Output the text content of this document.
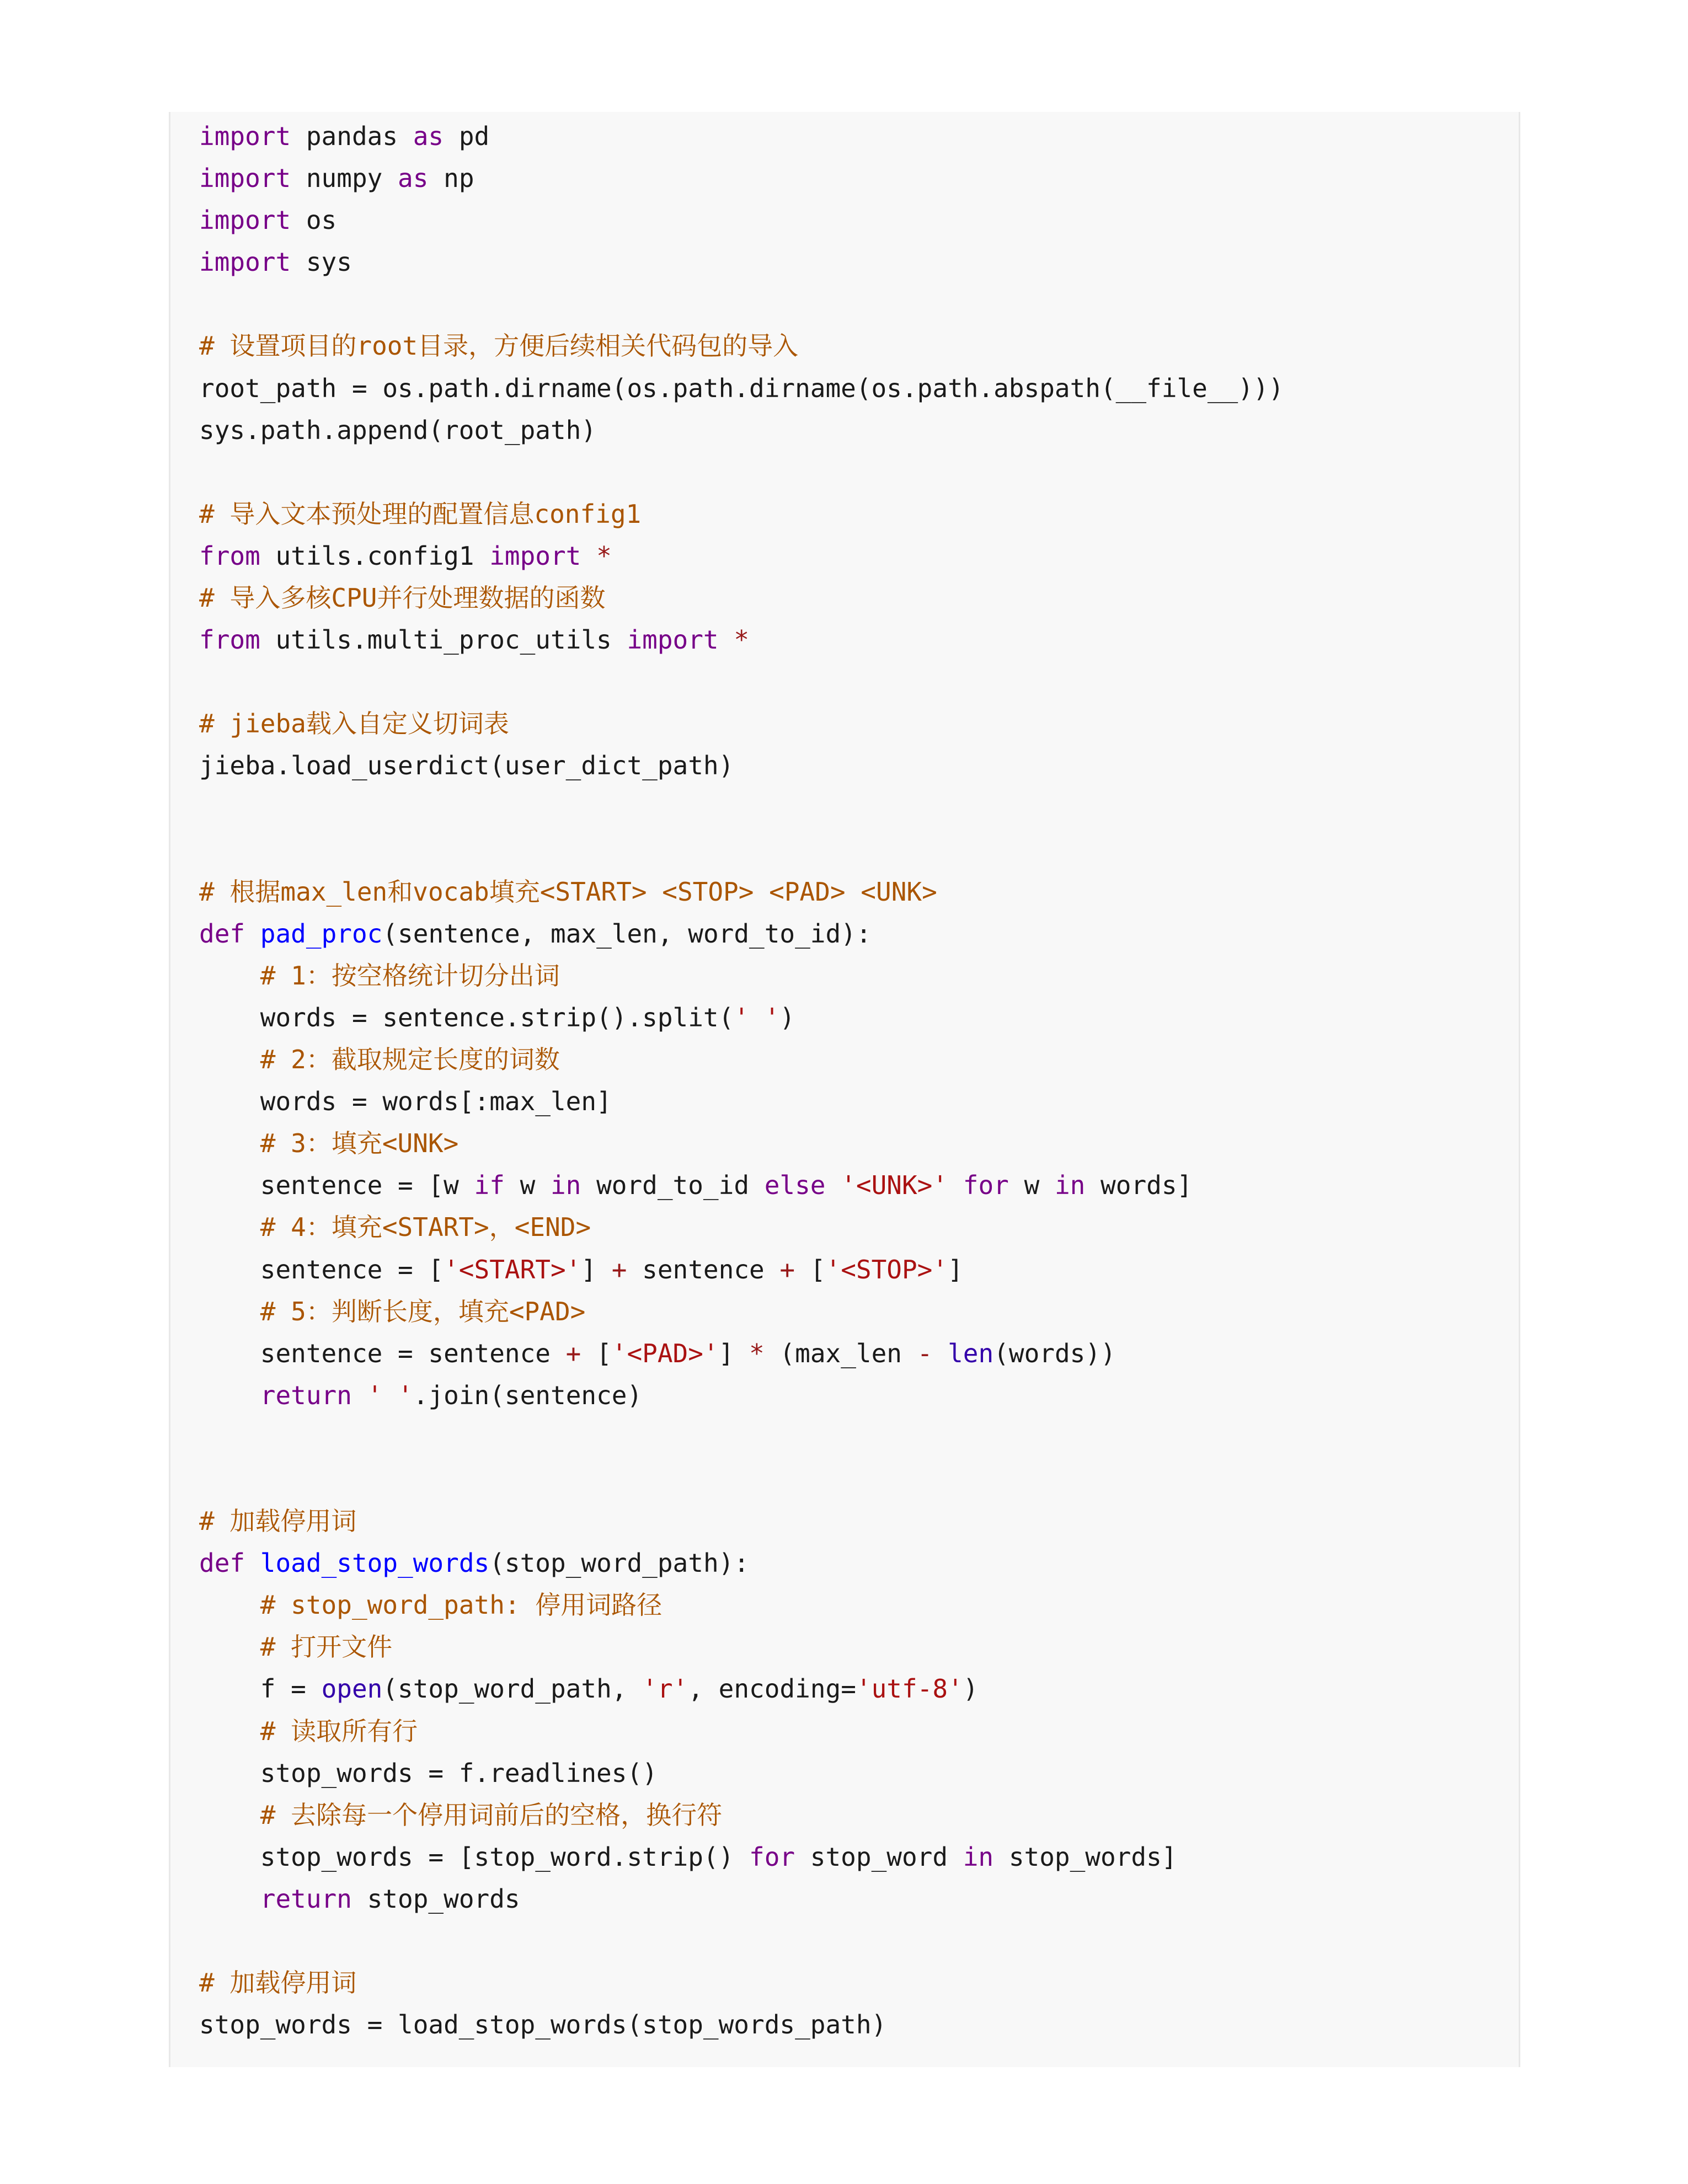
import pandas as pd
import numpy as np
import os
import sys
# 设置项目的root目录，方便后续相关代码包的导入
root_path = os.path.dirname(os.path.dirname(os.path.abspath(__file__)))
sys.path.append(root_path)
# 导入文本预处理的配置信息config1
from utils.config1 import *
# 导入多核CPU并行处理数据的函数
from utils.multi_proc_utils import *
# jieba载入自定义切词表
jieba.load_userdict(user_dict_path)
# 根据max_len和vocab填充<START> <STOP> <PAD> <UNK>
def pad_proc(sentence, max_len, word_to_id):
# 1：按空格统计切分出词
words = sentence.strip().split(' ')
# 2：截取规定长度的词数
words = words[:max_len]
# 3：填充<UNK>
sentence = [w if w in word_to_id else '<UNK>' for w in words]
# 4：填充<START>，<END>
sentence = ['<START>'] + sentence + ['<STOP>']
# 5：判断长度，填充<PAD>
sentence = sentence + ['<PAD>'] * (max_len - len(words))
return ' '.join(sentence)
# 加载停用词
def load_stop_words(stop_word_path):
# stop_word_path: 停用词路径
# 打开文件
f = open(stop_word_path, 'r', encoding='utf-8')
# 读取所有行
stop_words = f.readlines()
# 去除每一个停用词前后的空格，换行符
stop_words = [stop_word.strip() for stop_word in stop_words]
return stop_words
# 加载停用词
stop_words = load_stop_words(stop_words_path)
